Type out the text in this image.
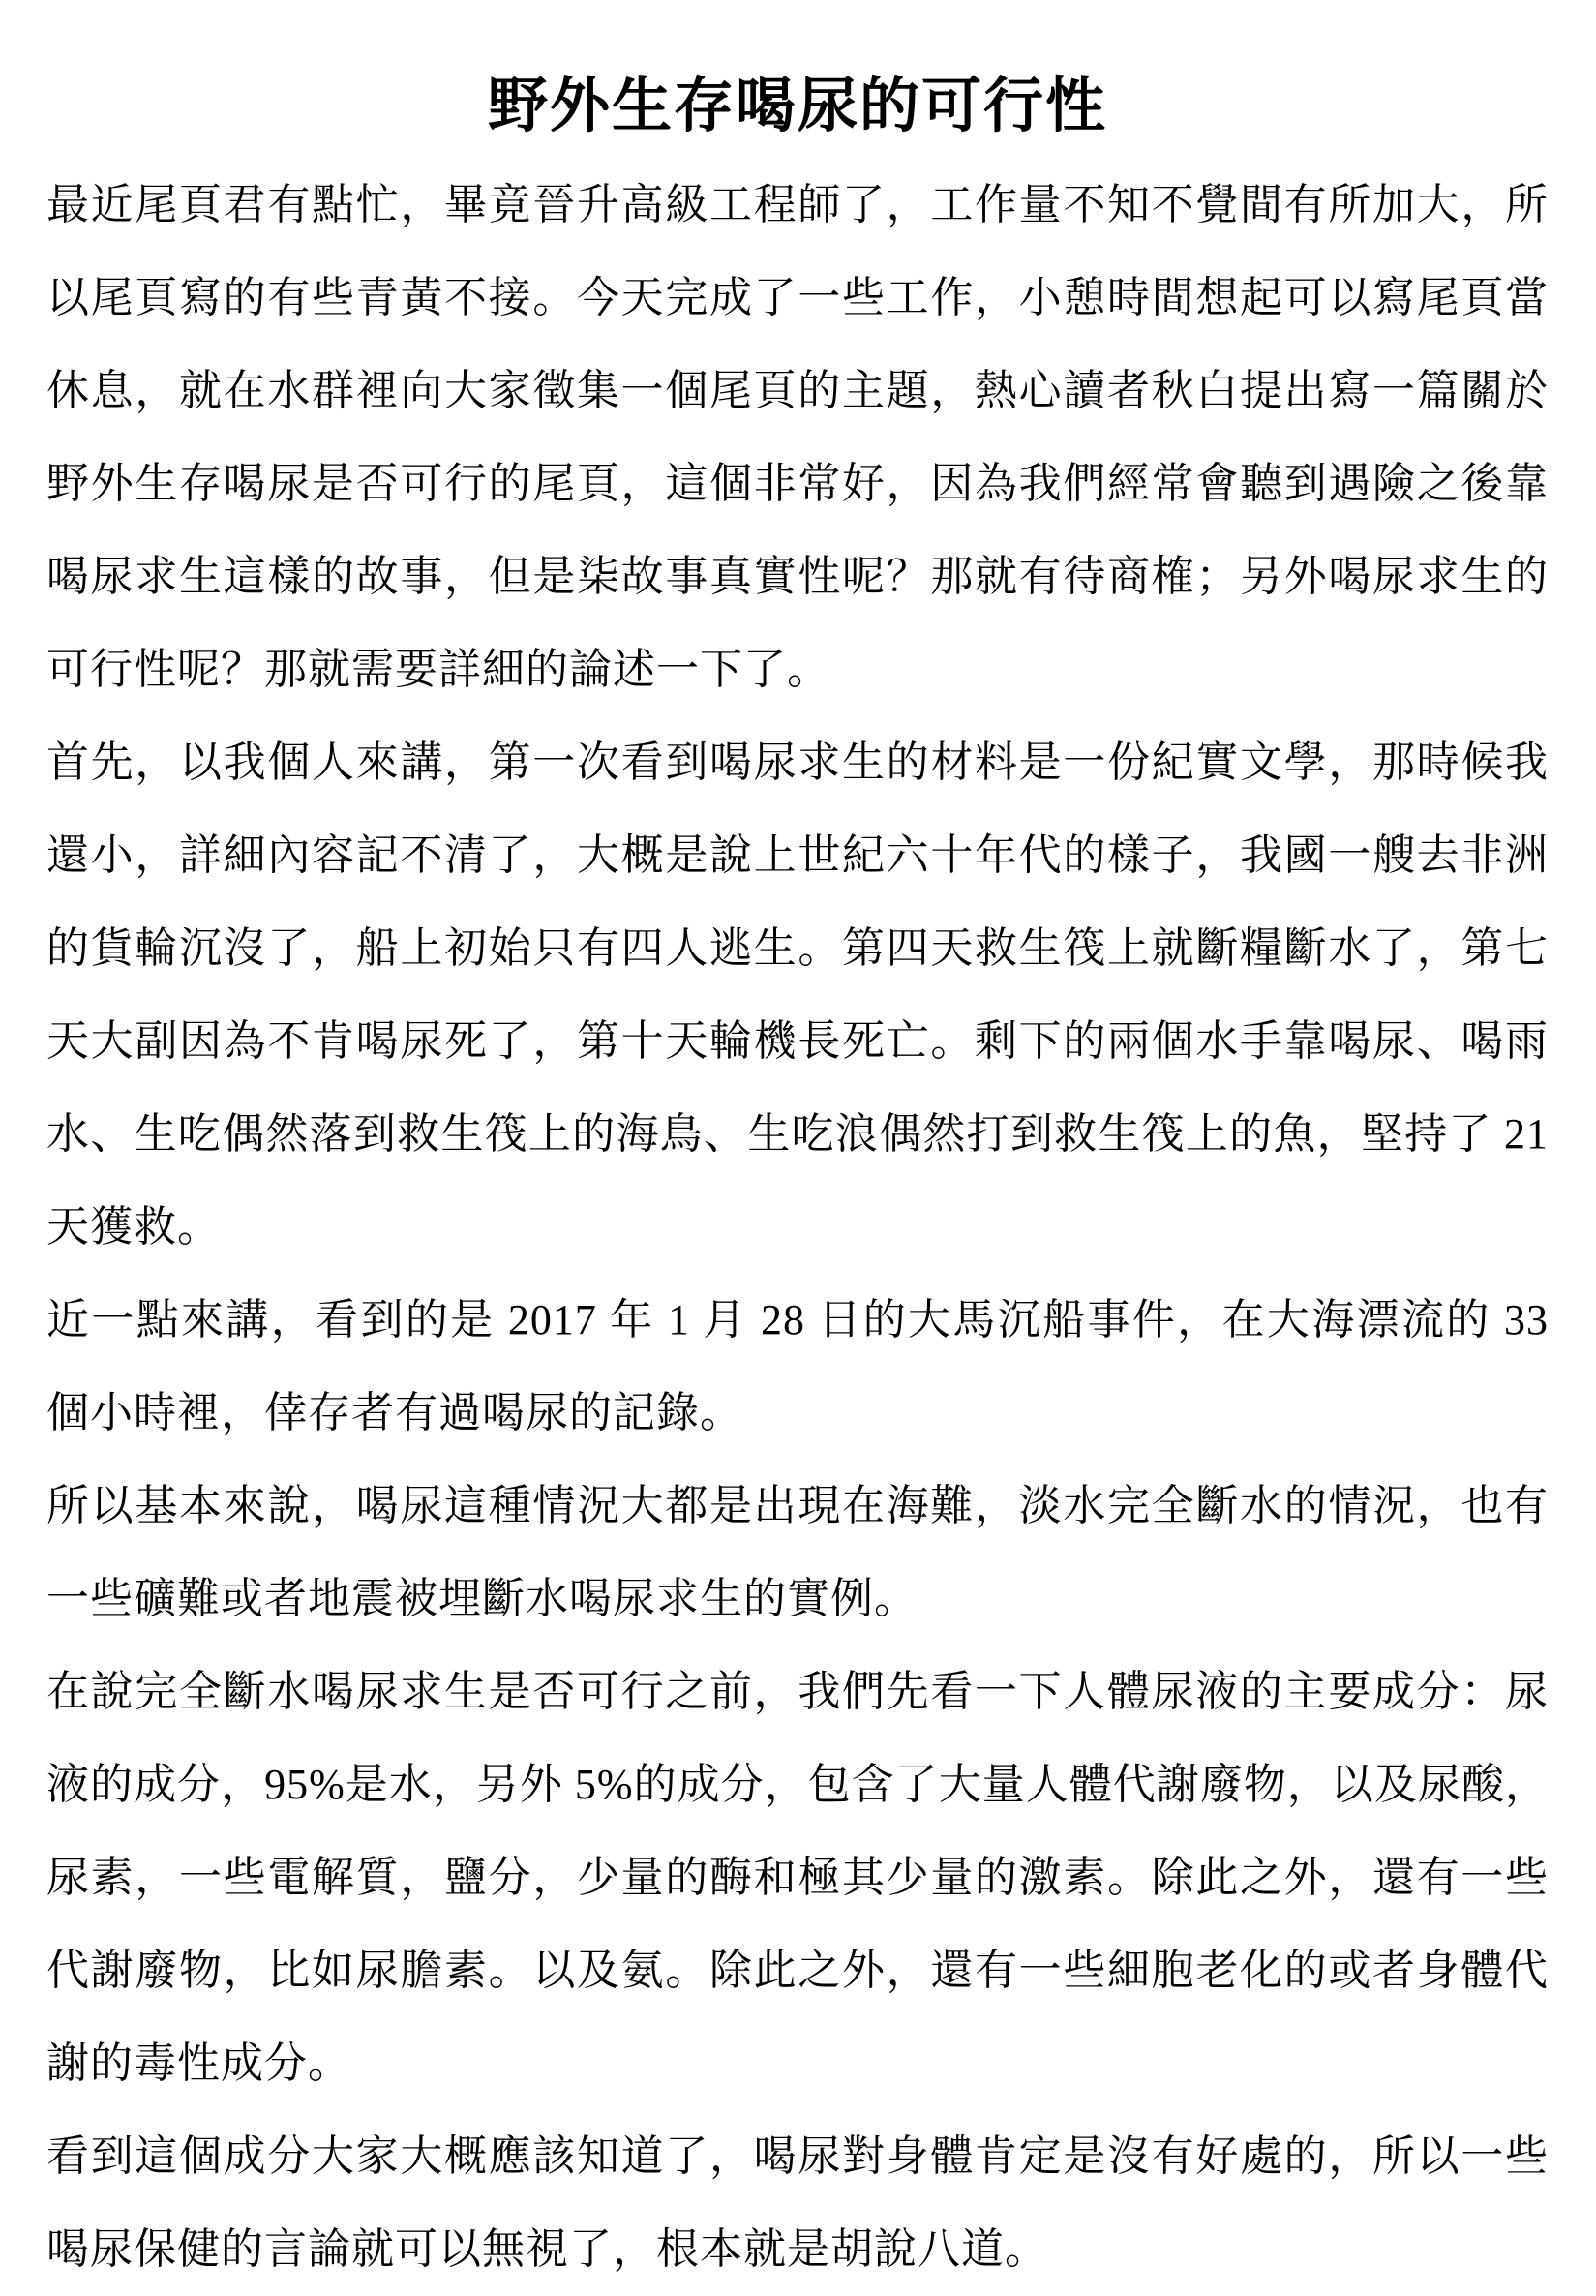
野外生存喝尿的可行性

最近尾頁君有點忙，畢竟晉升高級工程師了，工作量不知不覺間有所加大，所以尾頁寫的有些青黃不接。今天完成了一些工作，小憩時間想起可以寫尾頁當休息，就在水群裡向大家徵集一個尾頁的主題，熱心讀者秋白提出寫一篇關於野外生存喝尿是否可行的尾頁，這個非常好，因為我們經常會聽到遇險之後靠喝尿求生這樣的故事，但是柒故事真實性呢？那就有待商榷；另外喝尿求生的可行性呢？那就需要詳細的論述一下了。

首先，以我個人來講，第一次看到喝尿求生的材料是一份紀實文學，那時候我還小，詳細內容記不清了，大概是說上世紀六十年代的樣子，我國一艘去非洲的貨輪沉沒了，船上初始只有四人逃生。第四天救生筏上就斷糧斷水了，第七天大副因為不肯喝尿死了，第十天輪機長死亡。剩下的兩個水手靠喝尿、喝雨水、生吃偶然落到救生筏上的海鳥、生吃浪偶然打到救生筏上的魚，堅持了 21 天獲救。

近一點來講，看到的是 2017 年 1 月 28 日的大馬沉船事件，在大海漂流的 33 個小時裡，倖存者有過喝尿的記錄。

所以基本來說，喝尿這種情況大都是出現在海難，淡水完全斷水的情況，也有一些礦難或者地震被埋斷水喝尿求生的實例。

在說完全斷水喝尿求生是否可行之前，我們先看一下人體尿液的主要成分：尿液的成分，95%是水，另外 5%的成分，包含了大量人體代謝廢物，以及尿酸，尿素，一些電解質，鹽分，少量的酶和極其少量的激素。除此之外，還有一些代謝廢物，比如尿膽素。以及氨。除此之外，還有一些細胞老化的或者身體代謝的毒性成分。

看到這個成分大家大概應該知道了，喝尿對身體肯定是沒有好處的，所以一些喝尿保健的言論就可以無視了，根本就是胡說八道。
